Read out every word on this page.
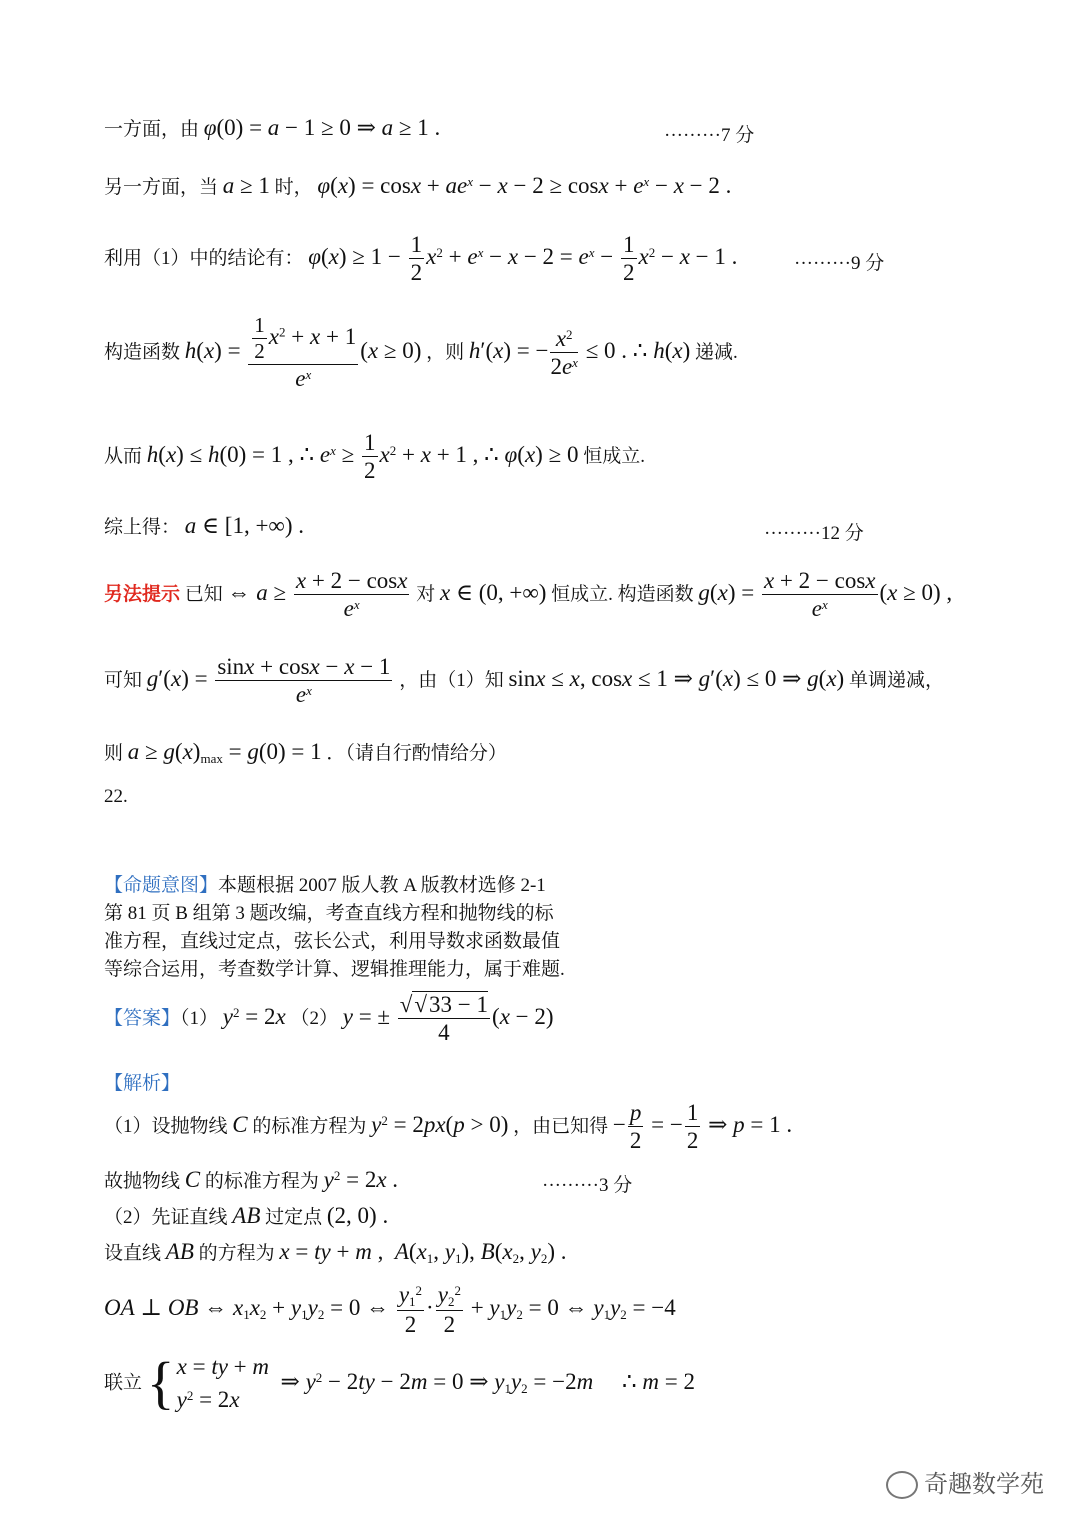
一方面，由 φ(0) = a − 1 ≥ 0 ⇒ a ≥ 1 .	·········7 分
另一方面，当 a ≥ 1 时， $\varphi(x) = \cos x + ae^x - x - 2 \ge \cos x + e^x - x - 2$ .
利用（1）中的结论有： $\varphi(x) \ge 1 - \frac{1}{2} x^2 + e^x - x - 2 = e^x - \frac{1}{2} x^2 - x - 1$ .	·········9 分
构造函数 $h(x) = \frac{\frac{1}{2} x^2 + x + 1}{e^x} (x \ge 0)$ ，则 h′(x) = − $\frac{x^2}{2e^x} \le 0$ . ∴ h(x) 递减.
从而 h(x) ≤ h(0) = 1 , ∴ $e^x \ge \frac{1}{2} x^2 + x + 1$ , ∴ φ(x) ≥ 0 恒成立.
综上得： a ∈ [1, +∞) .	·········12 分
另法提示 已知 ⇔ $a \ge \frac{x + 2 - \cos x}{e^x}$ 对 x ∈ (0, +∞) 恒成立. 构造函数 $g(x) = \frac{x + 2 - \cos x}{e^x} (x \ge 0)$ ,
可知 $g'(x) = \frac{\sin x + \cos x - x - 1}{e^x}$ ，由（1）知 sinx ≤ x, cosx ≤ 1 ⇒ g′(x) ≤ 0 ⇒ g(x) 单调递减，
则 $a \ge g(x)_{max} = g(0) = 1$ ．（请自行酌情给分）
22.
【命题意图】本题根据 2007 版人教 A 版教材选修 2-1
第 81 页 B 组第 3 题改编，考查直线方程和抛物线的标
准方程，直线过定点，弦长公式，利用导数求函数最值
等综合运用，考查数学计算、逻辑推理能力，属于难题.
【答案】（1） $y^2 = 2x$ （2） y = ± $\frac{√√33 - 1}{4} (x - 2)$
【解析】
（1）设抛物线 C 的标准方程为 $y^2 = 2px(p > 0)$ ，由已知得 − $\frac{p}{2}$ = − $\frac{1}{2}$ ⇒ p = 1 .
故抛物线 C 的标准方程为 $y^2 = 2x$ .	·········3 分
（2）先证直线 AB 过定点 (2, 0) .
设直线 AB 的方程为 x = ty + m ,  $A(x_1$, $y_1$), $B(x_2$, $y_2$) .
OA ⊥ OB ⇔ $x_1x_2 + y_1y_2 = 0$ ⇔ $\frac{y_1^2}{2} \cdot \frac{y_2^2}{2} + y_1y_2 = 0$ ⇔ $y_1y_2 = -4$
联立 {x = ty + m
$y^2 = 2x$  ⇒ $y^2 - 2ty - 2m = 0$ ⇒ $y_1y_2 = -2m$     ∴ m = 2
奇趣数学苑
